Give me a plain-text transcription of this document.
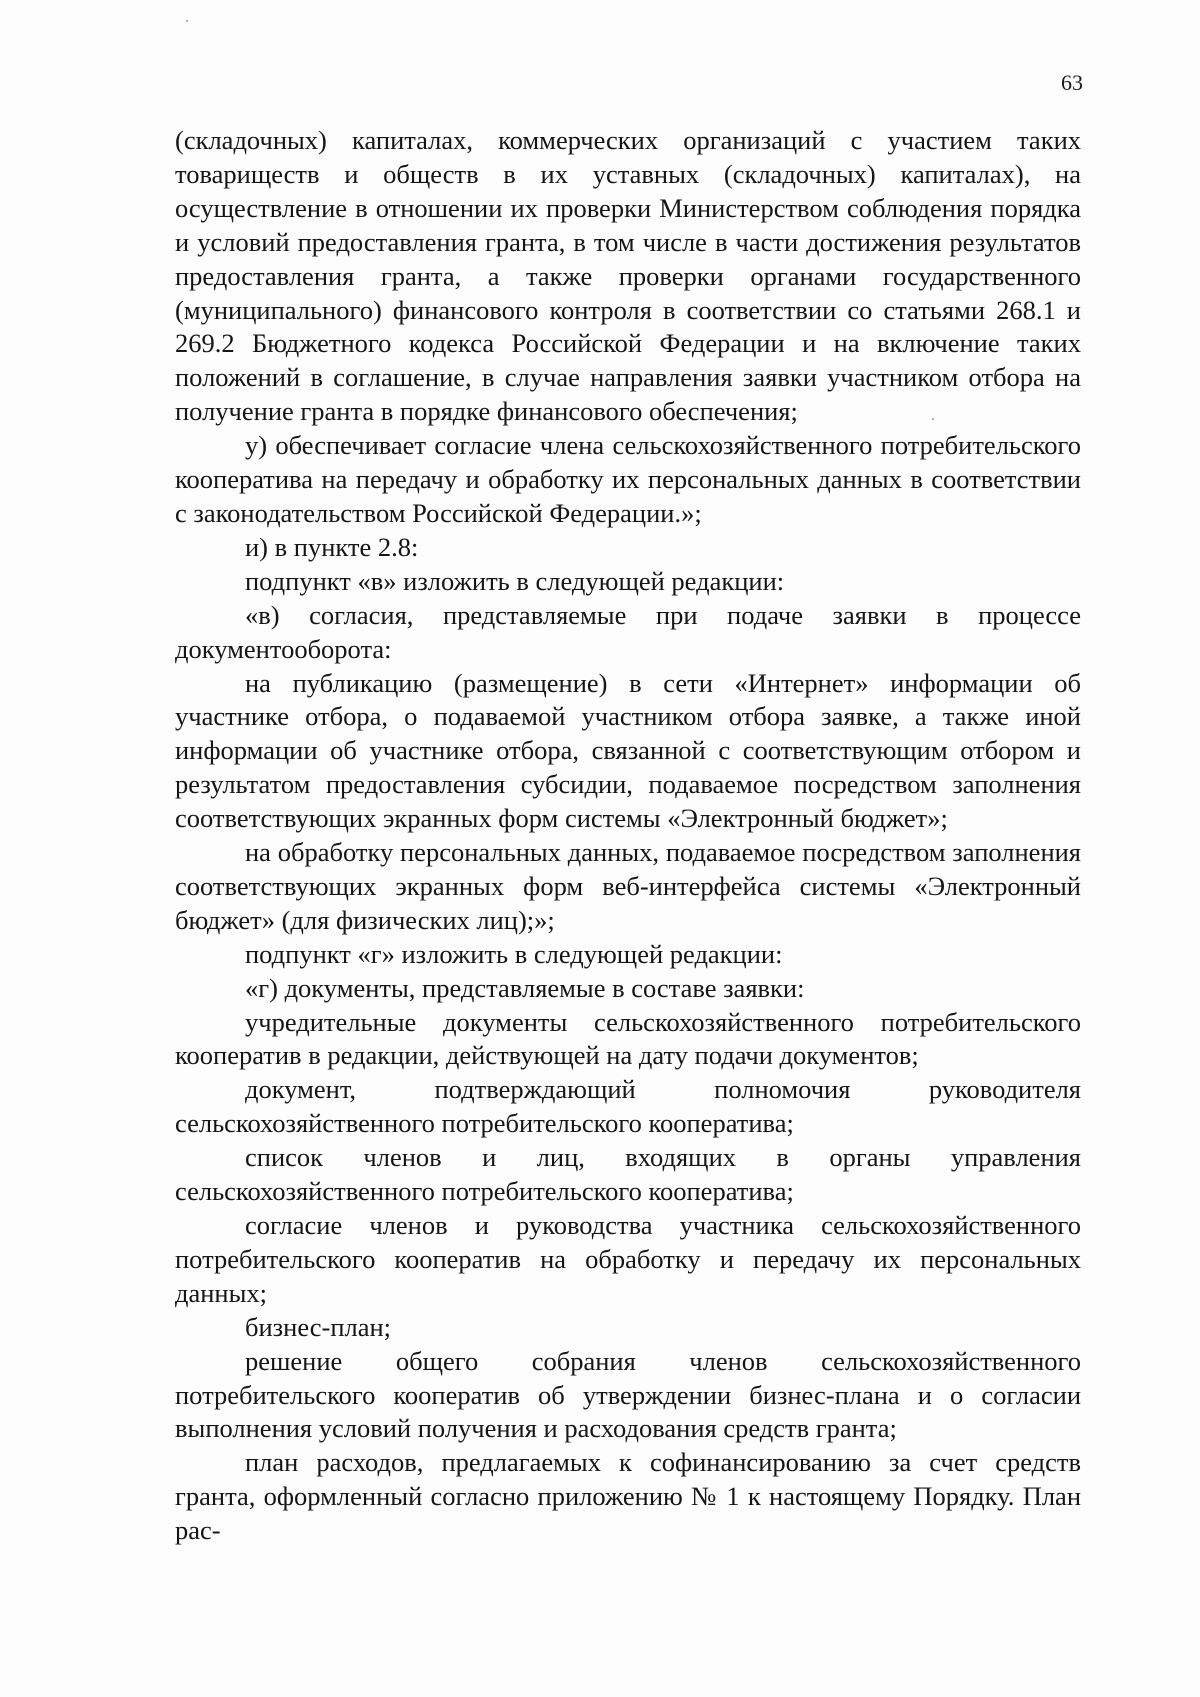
63

(складочных) капиталах, коммерческих организаций с участием таких товариществ и обществ в их уставных (складочных) капиталах), на осуществление в отношении их проверки Министерством соблюдения порядка и условий предоставления гранта, в том числе в части достижения результатов предоставления гранта, а также проверки органами государственного (муниципального) финансового контроля в соответствии со статьями 268.1 и 269.2 Бюджетного кодекса Российской Федерации и на включение таких положений в соглашение, в случае направления заявки участником отбора на получение гранта в порядке финансового обеспечения;

у) обеспечивает согласие члена сельскохозяйственного потребительского кооператива на передачу и обработку их персональных данных в соответствии с законодательством Российской Федерации.»;

и) в пункте 2.8:

подпункт «в» изложить в следующей редакции:

«в) согласия, представляемые при подаче заявки в процессе документооборота:

на публикацию (размещение) в сети «Интернет» информации об участнике отбора, о подаваемой участником отбора заявке, а также иной информации об участнике отбора, связанной с соответствующим отбором и результатом предоставления субсидии, подаваемое посредством заполнения соответствующих экранных форм системы «Электронный бюджет»;

на обработку персональных данных, подаваемое посредством заполнения соответствующих экранных форм веб-интерфейса системы «Электронный бюджет» (для физических лиц);»;

подпункт «г» изложить в следующей редакции:

«г) документы, представляемые в составе заявки:

учредительные документы сельскохозяйственного потребительского кооператив в редакции, действующей на дату подачи документов;

документ, подтверждающий полномочия руководителя сельскохозяйственного потребительского кооператива;

список членов и лиц, входящих в органы управления сельскохозяйственного потребительского кооператива;

согласие членов и руководства участника сельскохозяйственного потребительского кооператив на обработку и передачу их персональных данных;

бизнес-план;

решение общего собрания членов сельскохозяйственного потребительского кооператив об утверждении бизнес-плана и о согласии выполнения условий получения и расходования средств гранта;

план расходов, предлагаемых к софинансированию за счет средств гранта, оформленный согласно приложению № 1 к настоящему Порядку. План рас-
